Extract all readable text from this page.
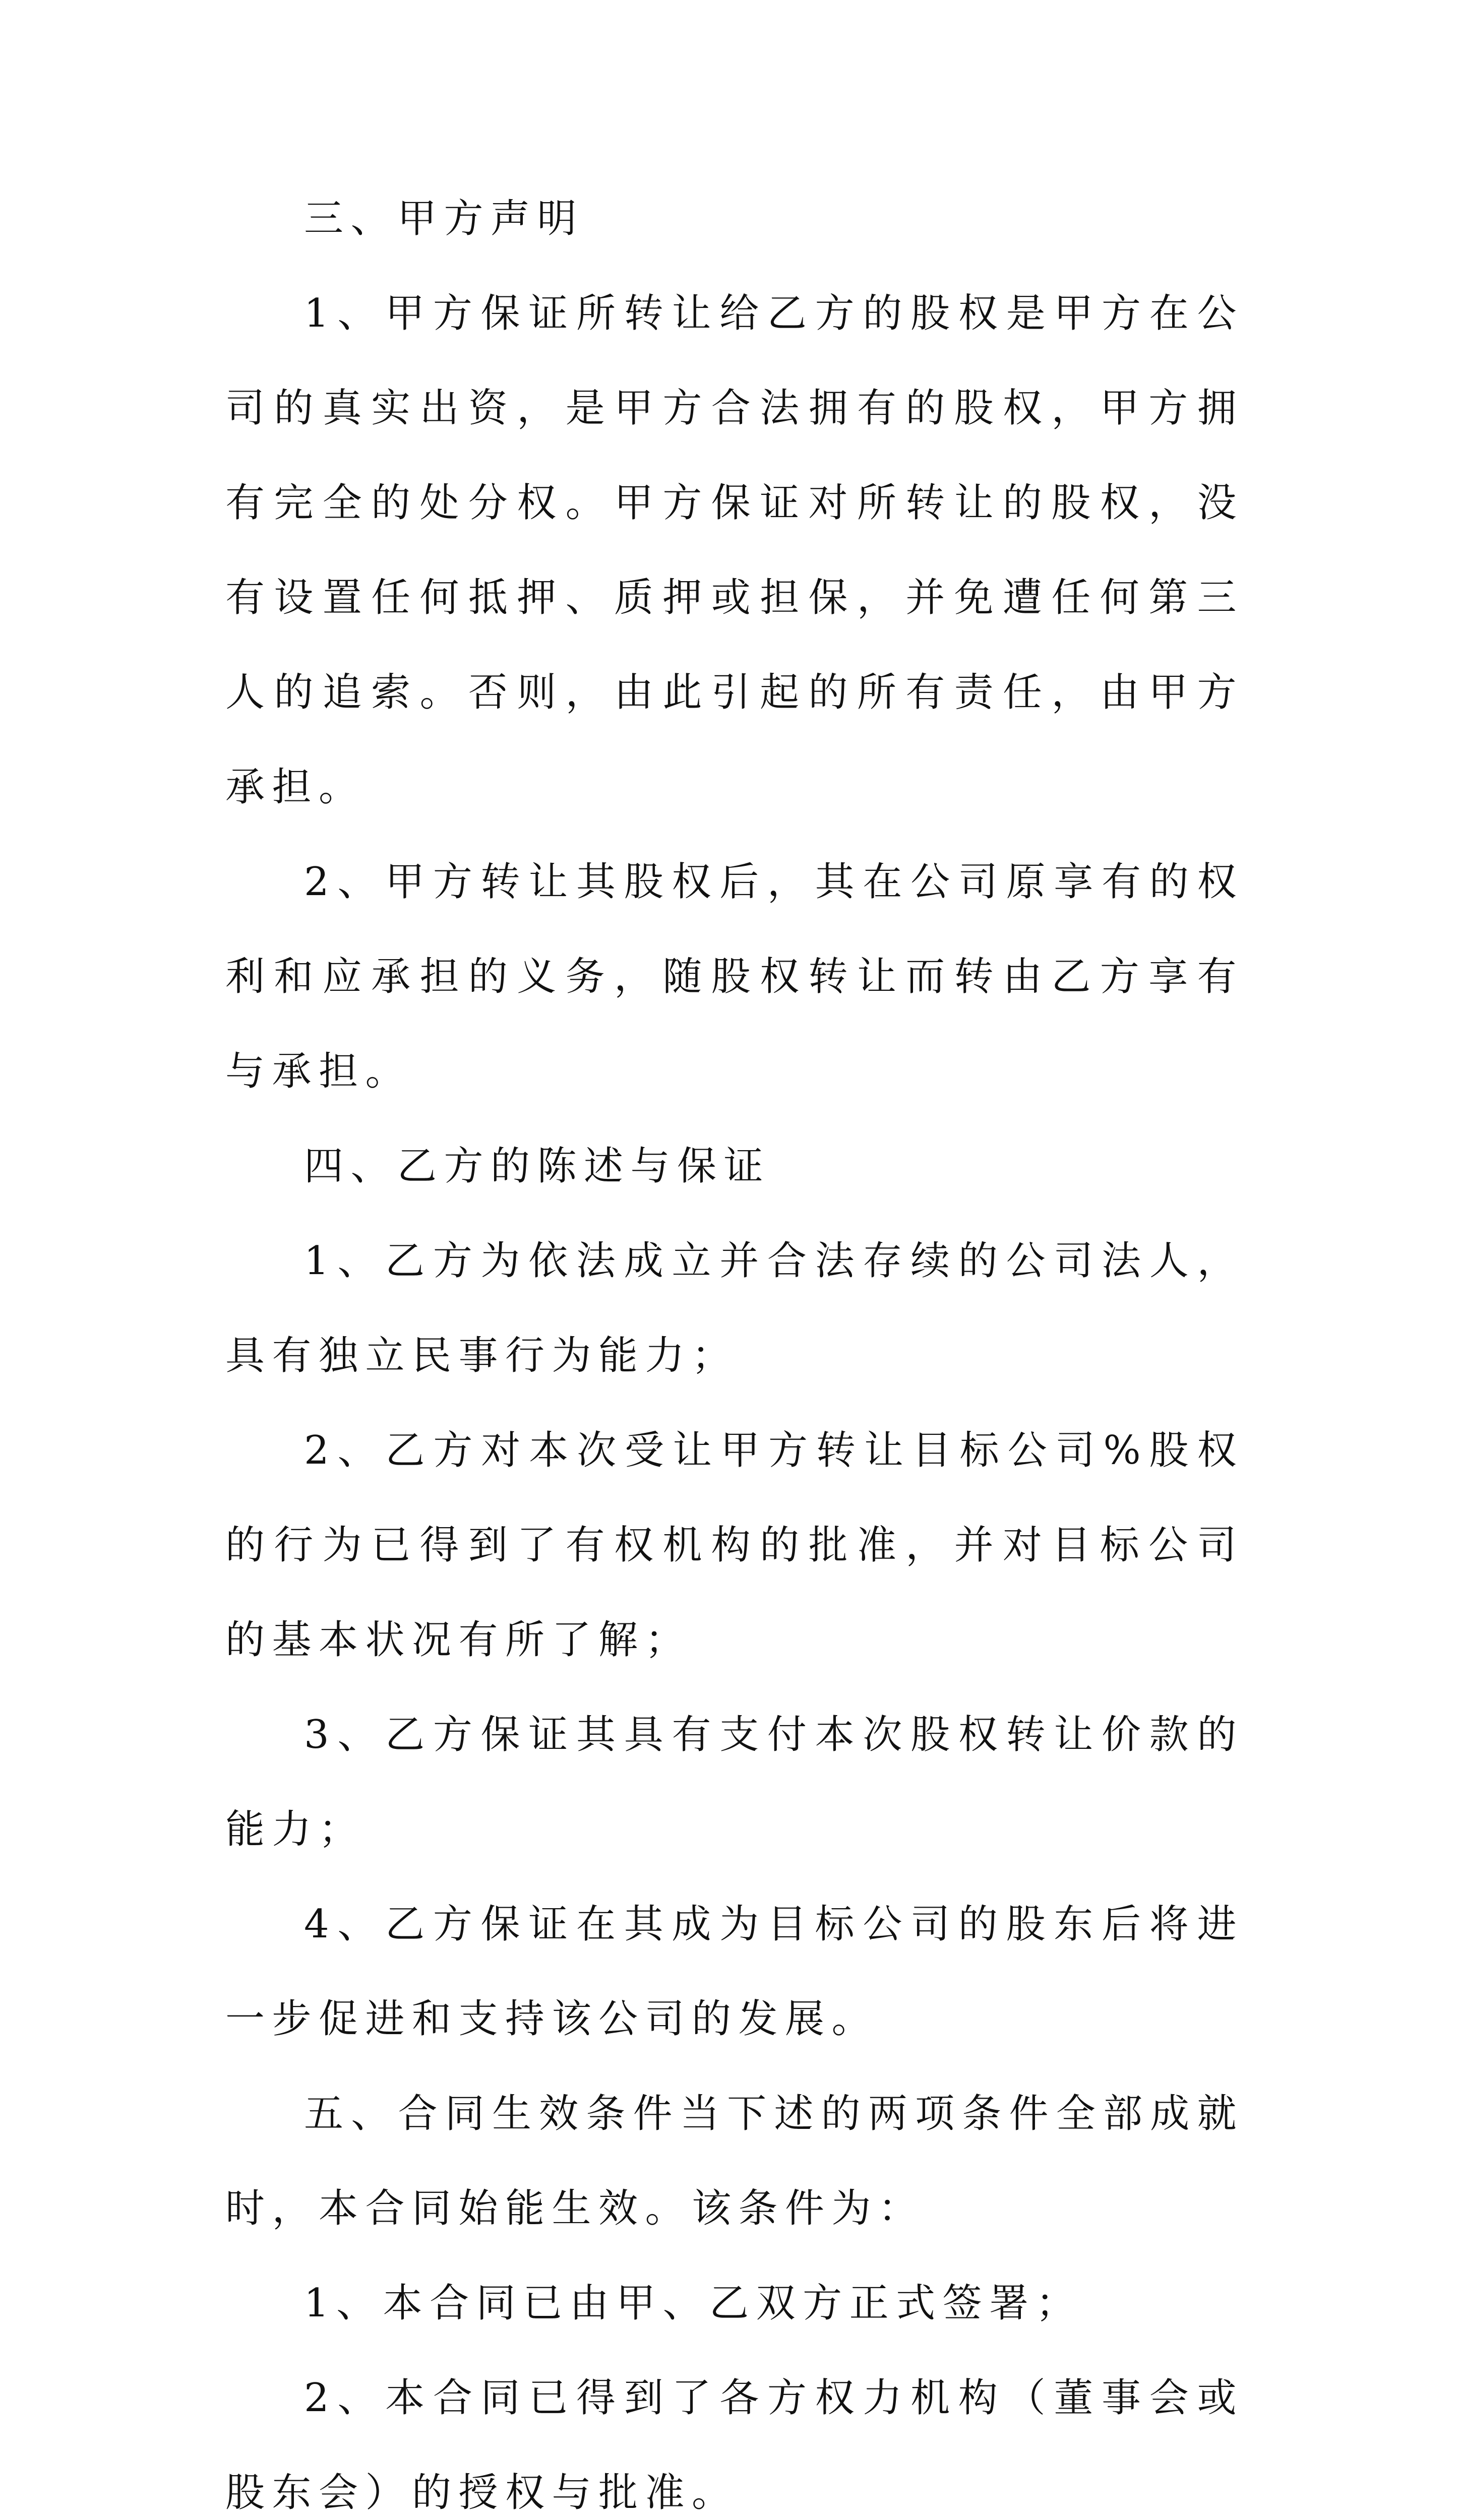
三、甲方声明

1、甲方保证所转让给乙方的股权是甲方在公司的真实出资，是甲方合法拥有的股权，甲方拥有完全的处分权。甲方保证对所转让的股权，没有设置任何抵押、质押或担保，并免遭任何第三人的追索。否则，由此引起的所有责任，由甲方承担。

2、甲方转让其股权后，其在公司原享有的权利和应承担的义务，随股权转让而转由乙方享有与承担。

四、乙方的陈述与保证

1、乙方为依法成立并合法存续的公司法人，具有独立民事行为能力；

2、乙方对本次受让甲方转让目标公司%股权的行为已得到了有权机构的批准，并对目标公司的基本状况有所了解；

3、乙方保证其具有支付本次股权转让价款的能力；

4、乙方保证在其成为目标公司的股东后将进一步促进和支持该公司的发展。

五、合同生效条件当下述的两项条件全部成就时，本合同始能生效。该条件为：

1、本合同已由甲、乙双方正式签署；

2、本合同已得到了各方权力机构（董事会或股东会）的授权与批准。
